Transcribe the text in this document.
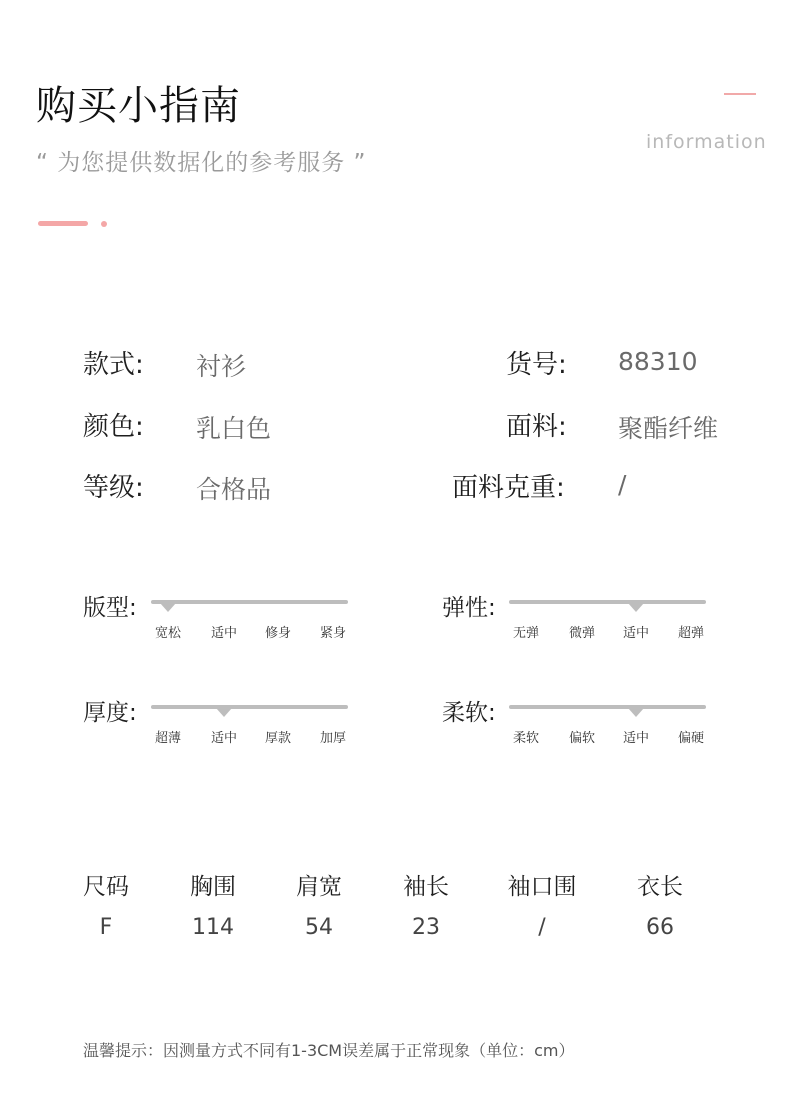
购买小指南
“ 为您提供数据化的参考服务 ”
information
款式: 衬衫	货号: 88310
颜色: 乳白色	面料: 聚酯纤维
等级: 合格品	面料克重: /
版型:
宽松	适中	修身	紧身
弹性:
无弹	微弹	适中	超弹
厚度:
超薄	适中	厚款	加厚
柔软:
柔软	偏软	适中	偏硬
尺码	胸围	肩宽	袖长	袖口围	衣长
F	114	54	23	/	66
温馨提示：因测量方式不同有1-3CM误差属于正常现象（单位：cm）
